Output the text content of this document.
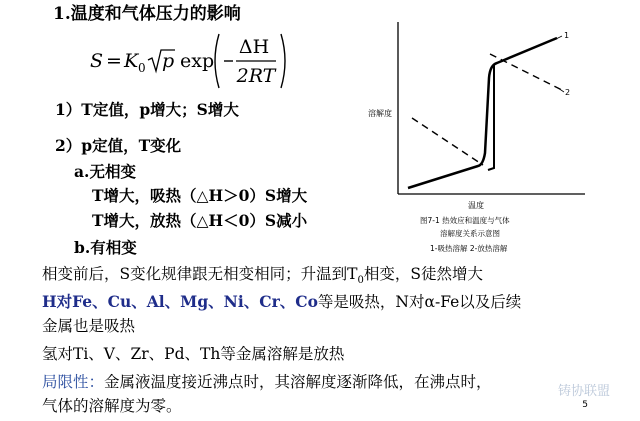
1.温度和气体压力的影响
S = K 0 p exp
ΔH
2RT
1）T定值，p增大；S增大
2）p定值，T变化
a.无相变
T增大，吸热（△H＞0）S增大
T增大，放热（△H＜0）S减小
b.有相变
相变前后，S变化规律跟无相变相同；升温到$T_0$相变，S徒然增大
H对Fe、Cu、Al、Mg、Ni、Cr、Co等是吸热，N对α-Fe以及后续
金属也是吸热
氢对Ti、V、Zr、Pd、Th等金属溶解是放热
局限性：金属液温度接近沸点时，其溶解度逐渐降低，在沸点时，
气体的溶解度为零。
1
2
溶解度
温度
图7-1 热效应和温度与气体
溶解度关系示意图
1-吸热溶解 2-放热溶解
铸协联盟
5
